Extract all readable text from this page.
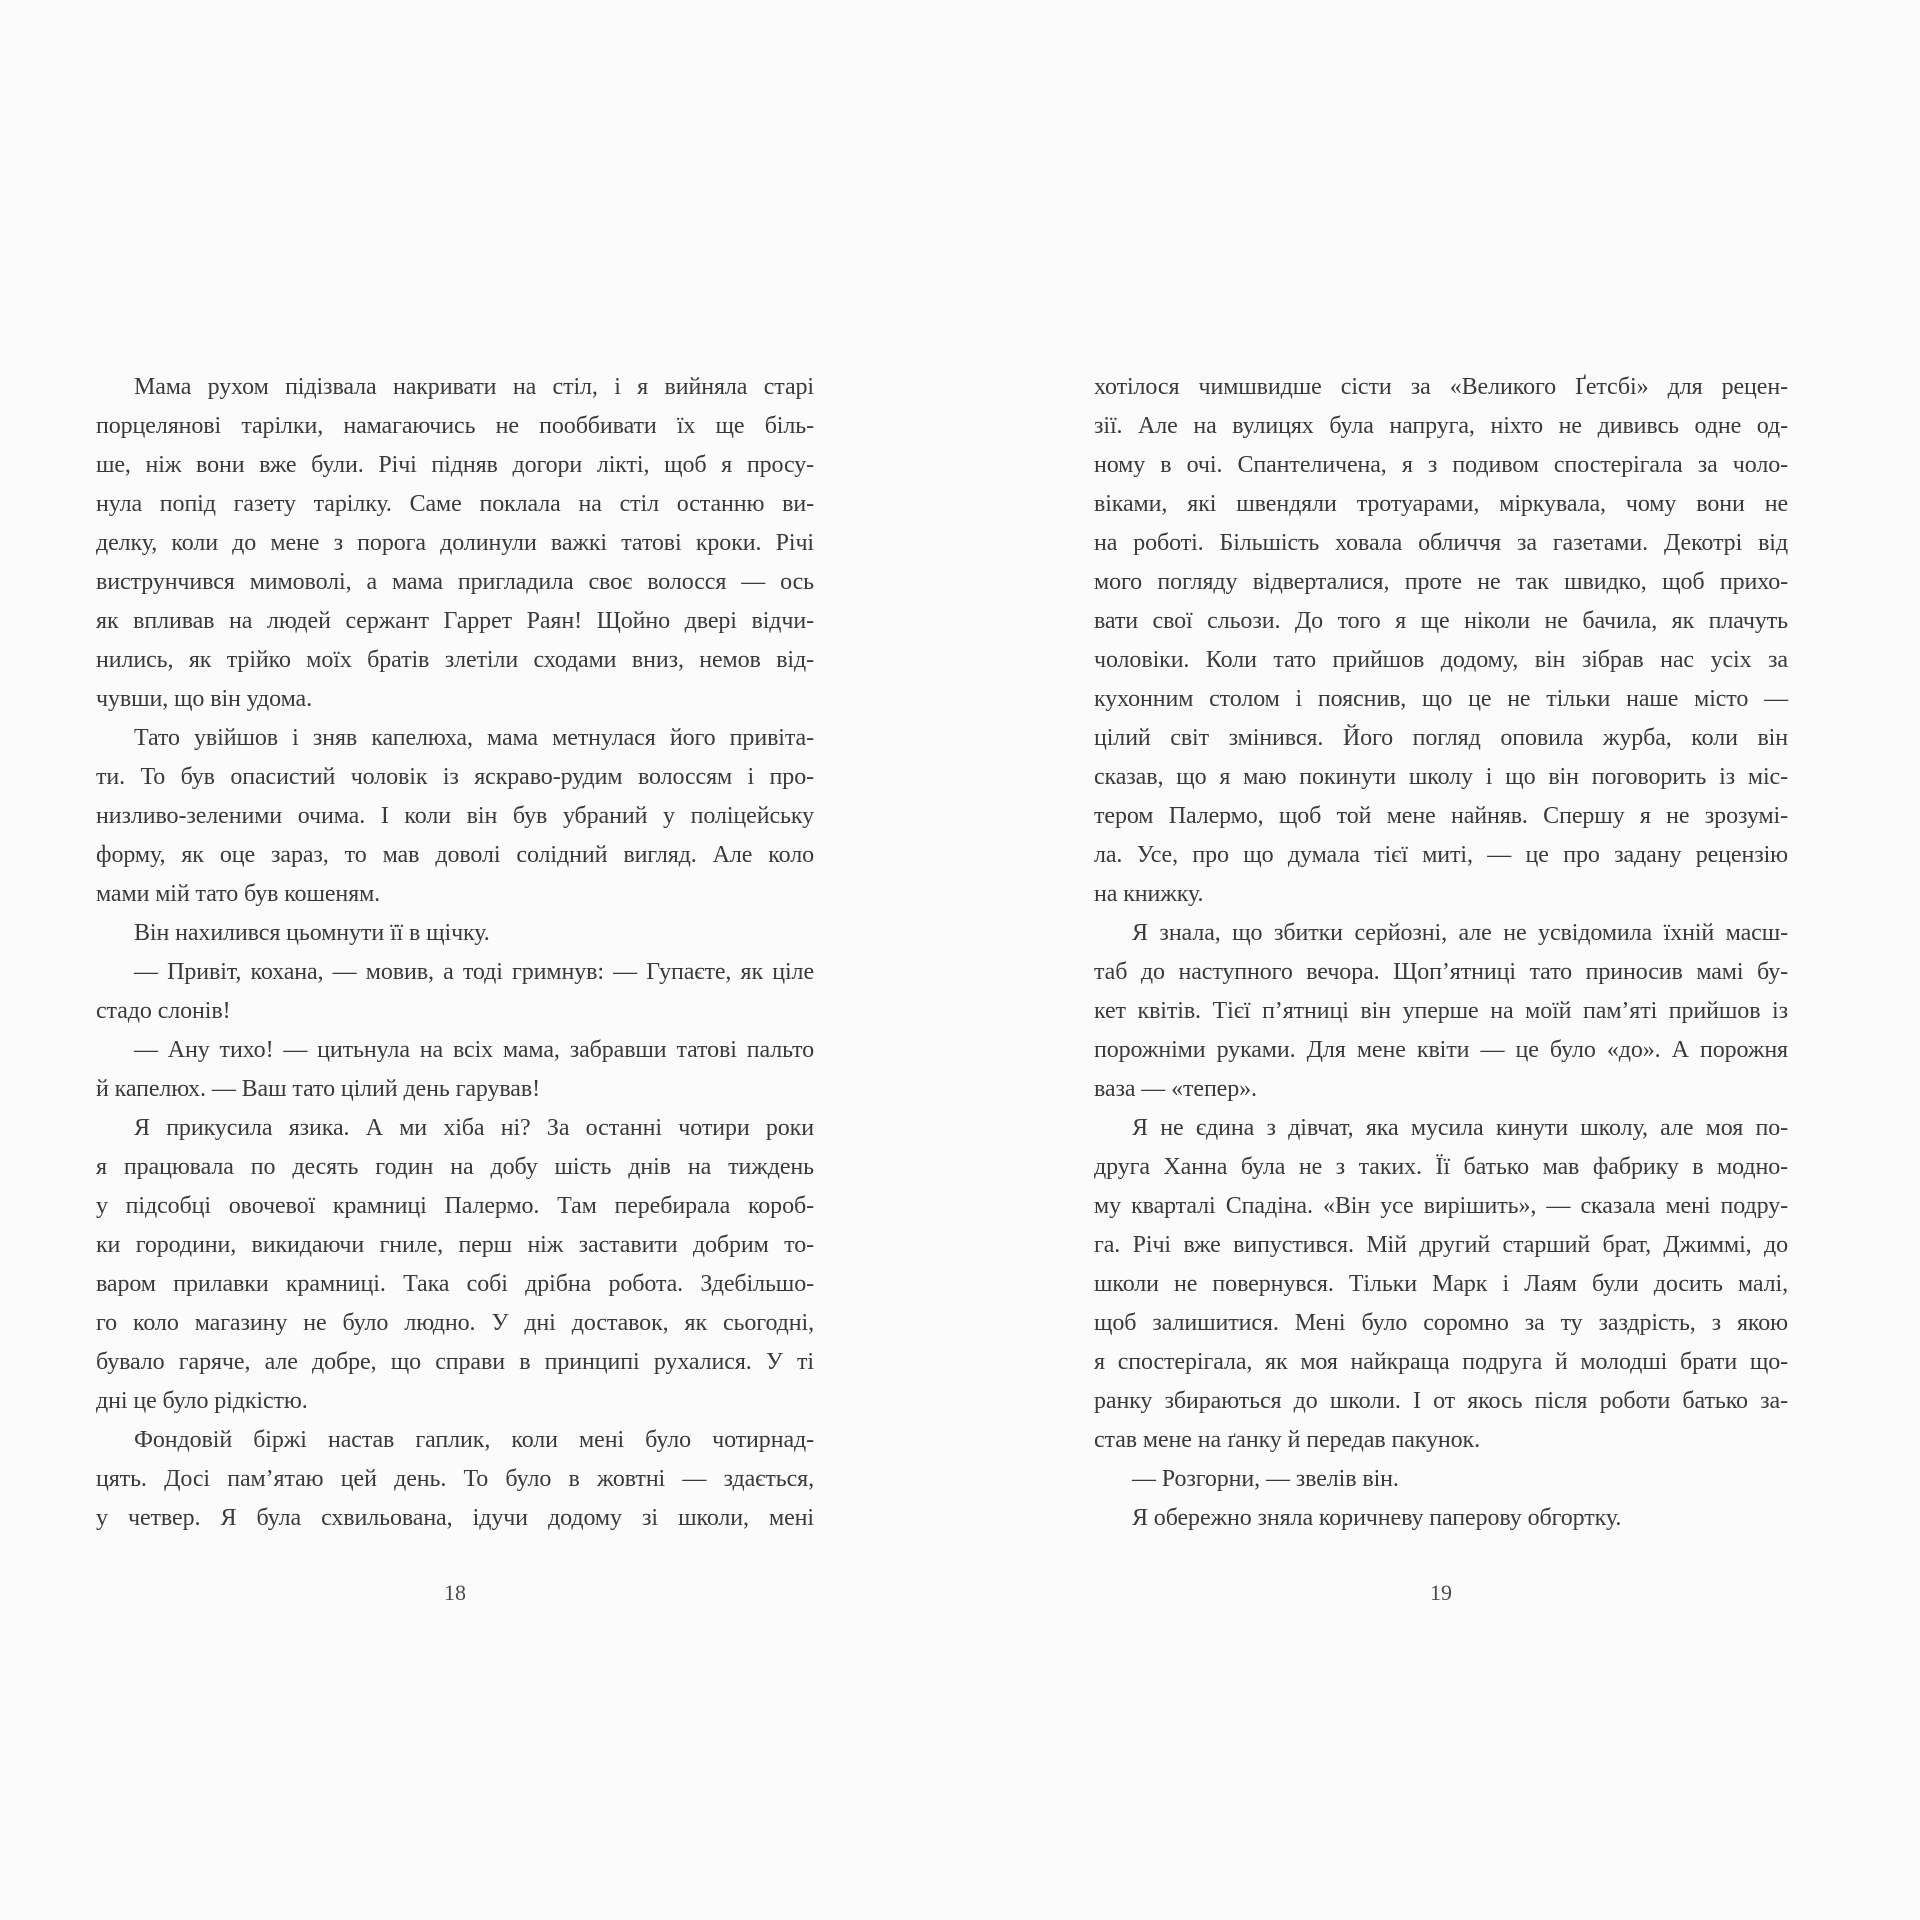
Мама рухом підізвала накривати на стіл, і я вийняла старі
порцелянові тарілки, намагаючись не пооббивати їх ще біль-
ше, ніж вони вже були. Річі підняв догори лікті, щоб я просу-
нула попід газету тарілку. Саме поклала на стіл останню ви-
делку, коли до мене з порога долинули важкі татові кроки. Річі
виструнчився мимоволі, а мама пригладила своє волосся — ось
як впливав на людей сержант Гаррет Раян! Щойно двері відчи-
нились, як трійко моїх братів злетіли сходами вниз, немов від-
чувши, що він удома.
Тато увійшов і зняв капелюха, мама метнулася його привіта-
ти. То був опасистий чоловік із яскраво-рудим волоссям і про-
низливо-зеленими очима. І коли він був убраний у поліцейську
форму, як оце зараз, то мав доволі солідний вигляд. Але коло
мами мій тато був кошеням.
Він нахилився цьомнути її в щічку.
— Привіт, кохана, — мовив, а тоді гримнув: — Гупаєте, як ціле
стадо слонів!
— Ану тихо! — цитьнула на всіх мама, забравши татові пальто
й капелюх. — Ваш тато цілий день гарував!
Я прикусила язика. А ми хіба ні? За останні чотири роки
я працювала по десять годин на добу шість днів на тиждень
у підсобці овочевої крамниці Палермо. Там перебирала короб-
ки городини, викидаючи гниле, перш ніж заставити добрим то-
варом прилавки крамниці. Така собі дрібна робота. Здебільшо-
го коло магазину не було людно. У дні доставок, як сьогодні,
бувало гаряче, але добре, що справи в принципі рухалися. У ті
дні це було рідкістю.
Фондовій біржі настав гаплик, коли мені було чотирнад-
цять. Досі пам’ятаю цей день. То було в жовтні — здається,
у четвер. Я була схвильована, ідучи додому зі школи, мені
18
хотілося чимшвидше сісти за «Великого Ґетсбі» для рецен-
зії. Але на вулицях була напруга, ніхто не дививсь одне од-
ному в очі. Спантеличена, я з подивом спостерігала за чоло-
віками, які швендяли тротуарами, міркувала, чому вони не
на роботі. Більшість ховала обличчя за газетами. Декотрі від
мого погляду відверталися, проте не так швидко, щоб прихо-
вати свої сльози. До того я ще ніколи не бачила, як плачуть
чоловіки. Коли тато прийшов додому, він зібрав нас усіх за
кухонним столом і пояснив, що це не тільки наше місто —
цілий світ змінився. Його погляд оповила журба, коли він
сказав, що я маю покинути школу і що він поговорить із міс-
тером Палермо, щоб той мене найняв. Спершу я не зрозумі-
ла. Усе, про що думала тієї миті, — це про задану рецензію
на книжку.
Я знала, що збитки серйозні, але не усвідомила їхній масш-
таб до наступного вечора. Щоп’ятниці тато приносив мамі бу-
кет квітів. Тієї п’ятниці він уперше на моїй пам’яті прийшов із
порожніми руками. Для мене квіти — це було «до». А порожня
ваза — «тепер».
Я не єдина з дівчат, яка мусила кинути школу, але моя по-
друга Ханна була не з таких. Її батько мав фабрику в модно-
му кварталі Спадіна. «Він усе вирішить», — сказала мені подру-
га. Річі вже випустився. Мій другий старший брат, Джиммі, до
школи не повернувся. Тільки Марк і Лаям були досить малі,
щоб залишитися. Мені було соромно за ту заздрість, з якою
я спостерігала, як моя найкраща подруга й молодші брати що-
ранку збираються до школи. І от якось після роботи батько за-
став мене на ґанку й передав пакунок.
— Розгорни, — звелів він.
Я обережно зняла коричневу паперову обгортку.
19
